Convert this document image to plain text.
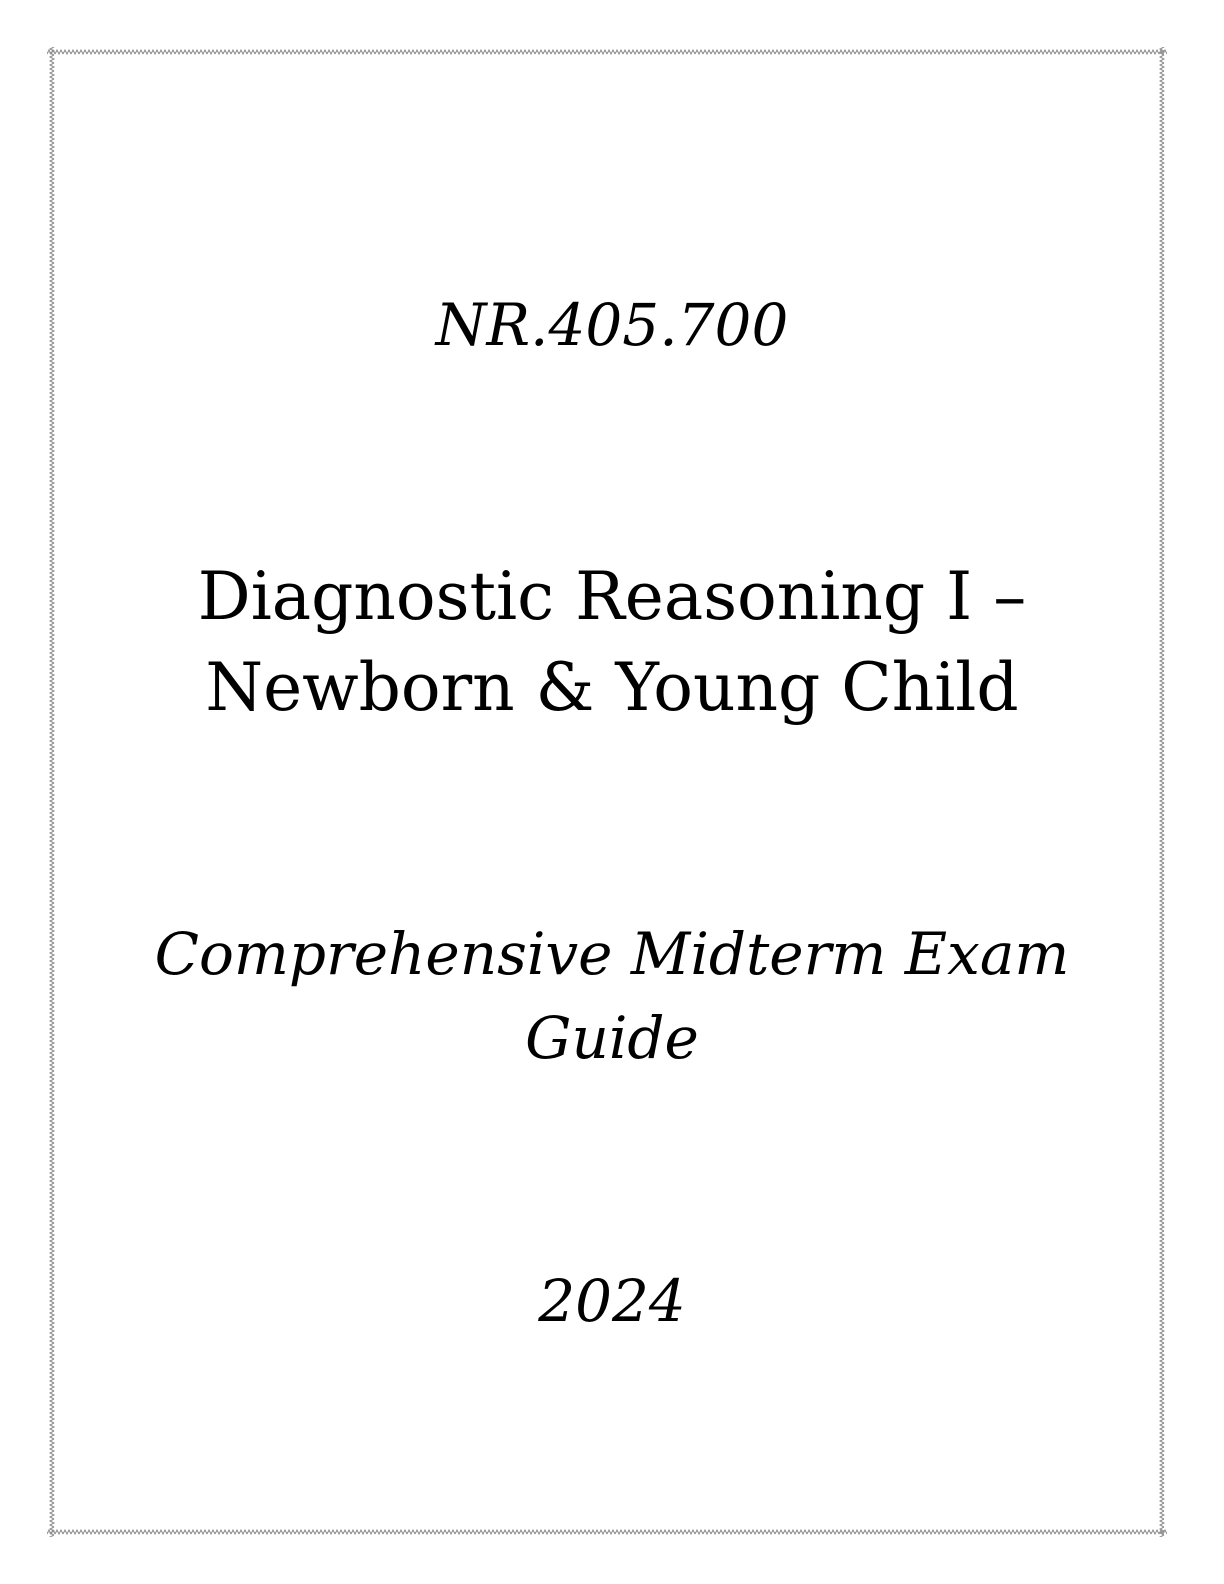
NR.405.700
Diagnostic Reasoning I –
Newborn & Young Child
Comprehensive Midterm Exam
Guide
2024
